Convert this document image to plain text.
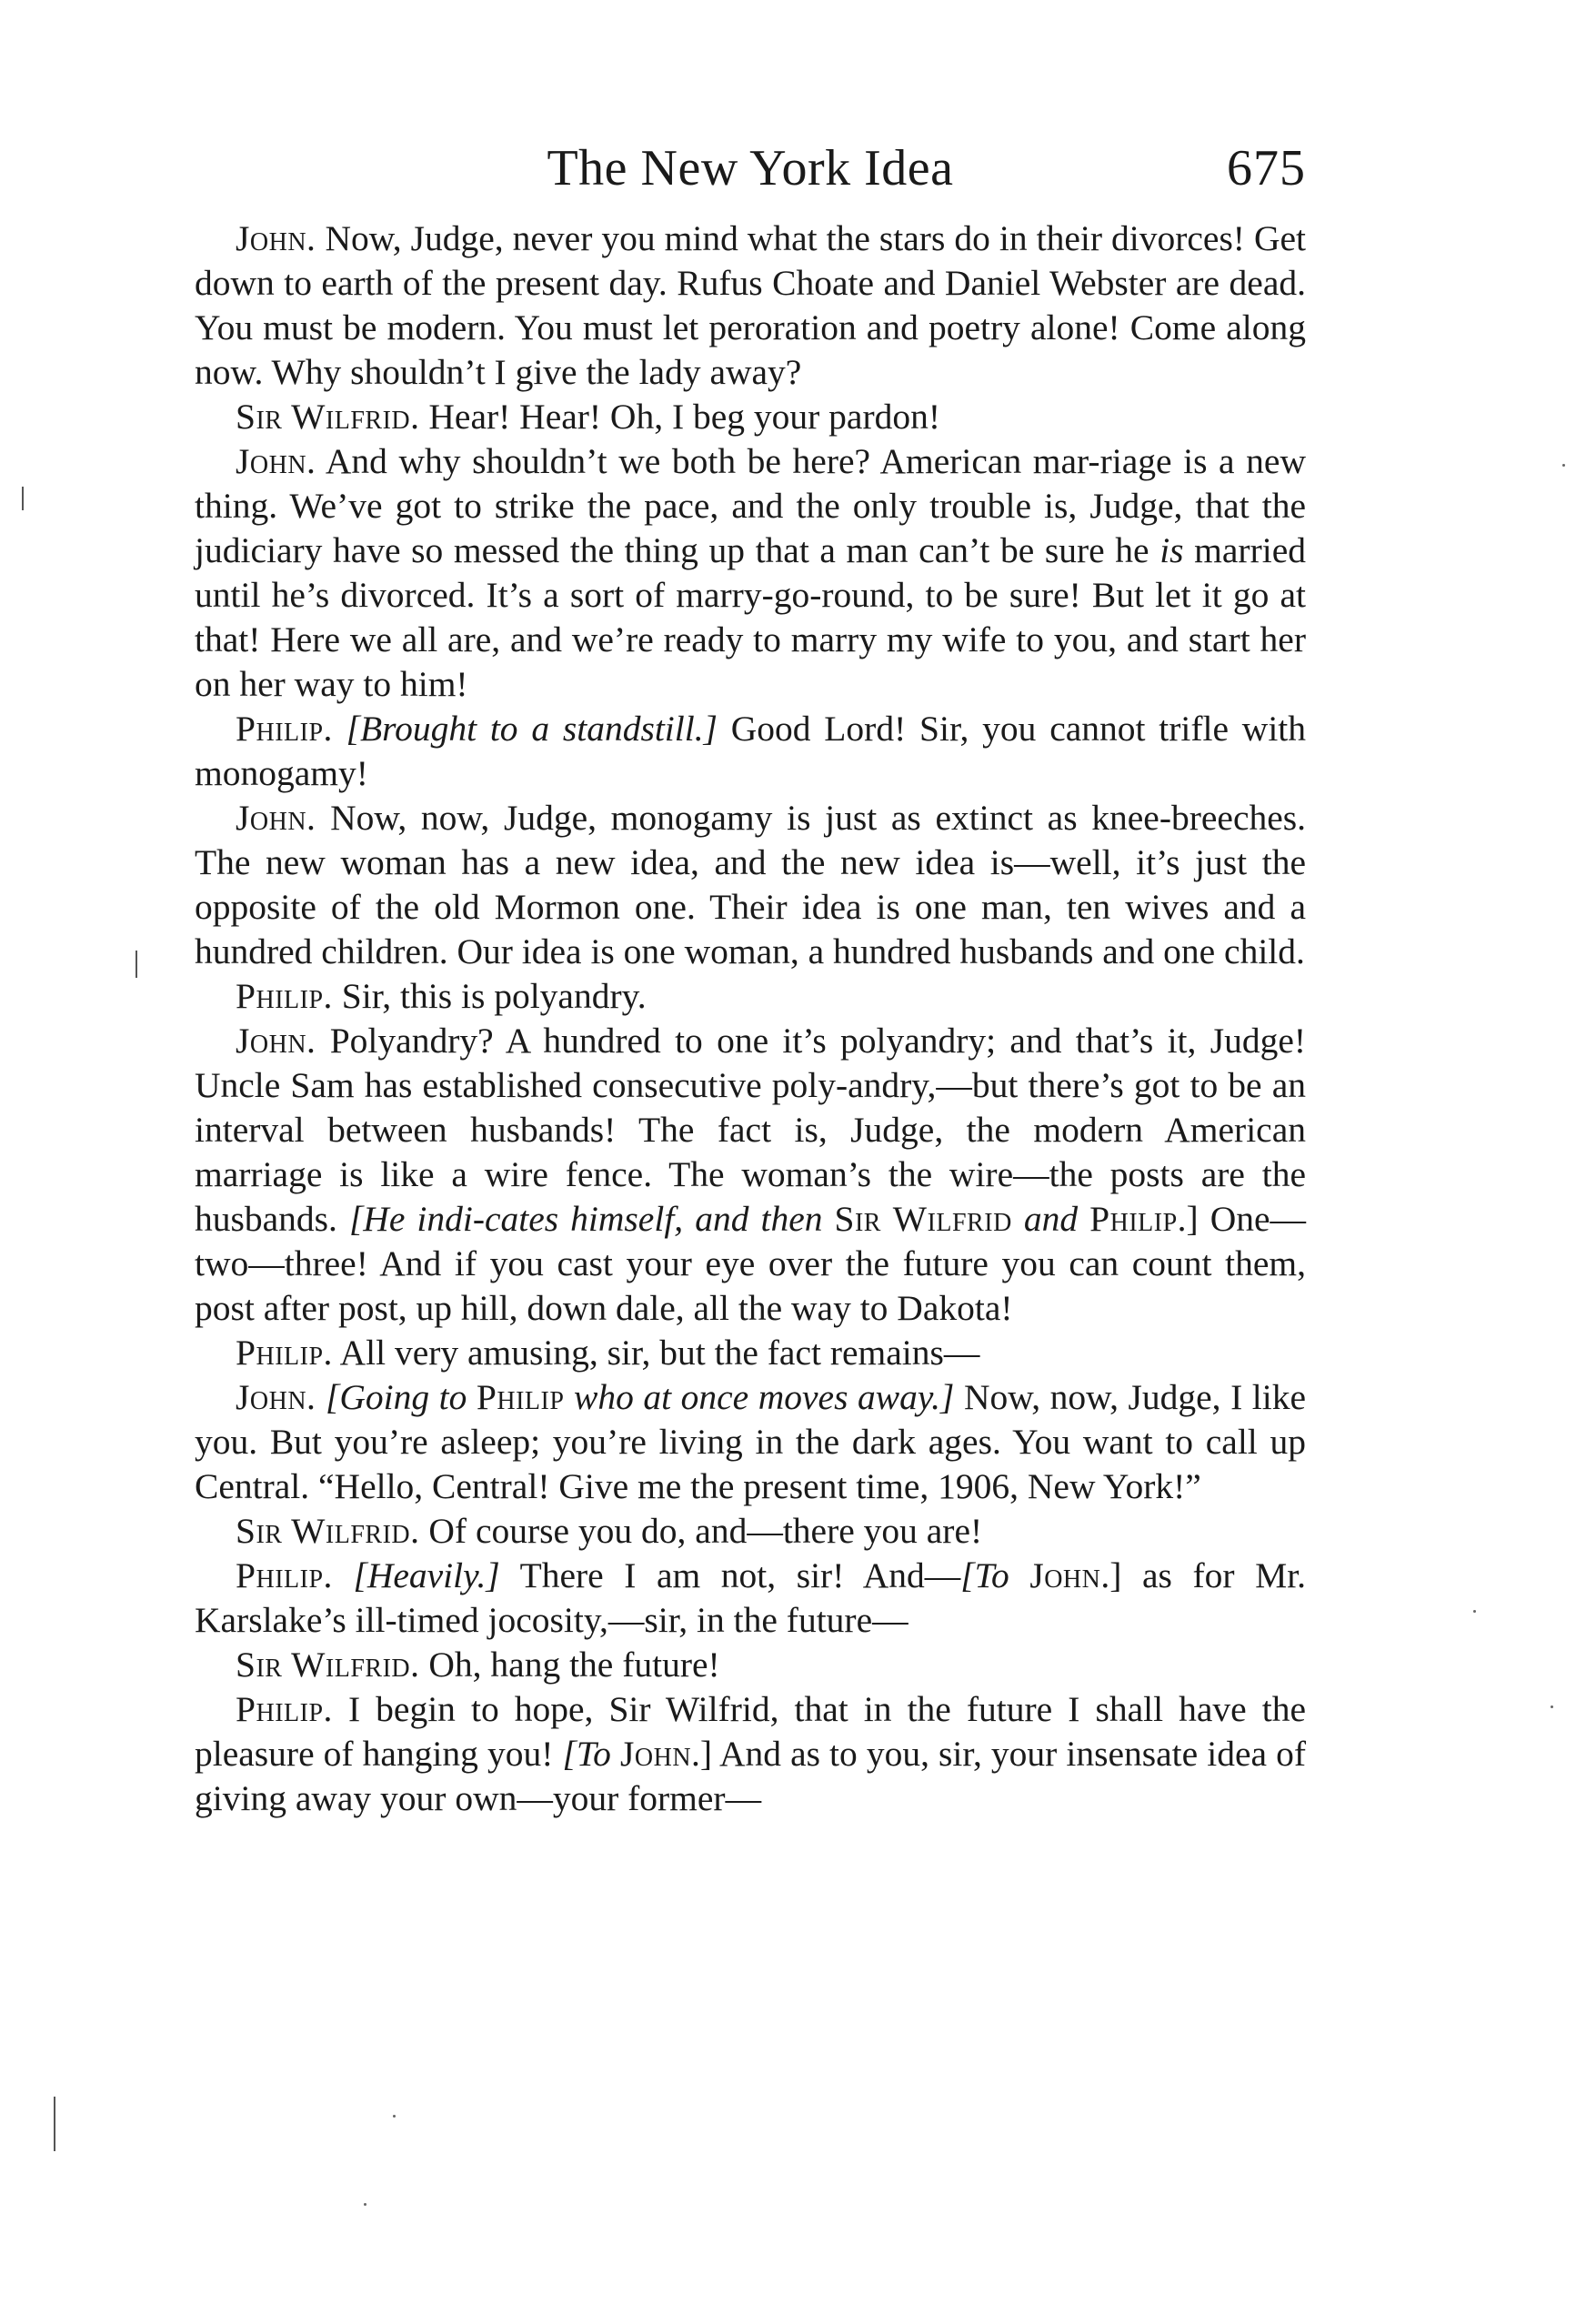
The New York Idea	675

John. Now, Judge, never you mind what the stars do in their divorces! Get down to earth of the present day. Rufus Choate and Daniel Webster are dead. You must be modern. You must let peroration and poetry alone! Come along now. Why shouldn’t I give the lady away?

Sir Wilfrid. Hear! Hear! Oh, I beg your pardon!

John. And why shouldn’t we both be here? American mar-riage is a new thing. We’ve got to strike the pace, and the only trouble is, Judge, that the judiciary have so messed the thing up that a man can’t be sure he is married until he’s divorced. It’s a sort of marry-go-round, to be sure! But let it go at that! Here we all are, and we’re ready to marry my wife to you, and start her on her way to him!

Philip. [Brought to a standstill.] Good Lord! Sir, you cannot trifle with monogamy!

John. Now, now, Judge, monogamy is just as extinct as knee-breeches. The new woman has a new idea, and the new idea is—well, it’s just the opposite of the old Mormon one. Their idea is one man, ten wives and a hundred children. Our idea is one woman, a hundred husbands and one child.

Philip. Sir, this is polyandry.

John. Polyandry? A hundred to one it’s polyandry; and that’s it, Judge! Uncle Sam has established consecutive poly-andry,—but there’s got to be an interval between husbands! The fact is, Judge, the modern American marriage is like a wire fence. The woman’s the wire—the posts are the husbands. [He indi-cates himself, and then Sir Wilfrid and Philip.] One—two—three! And if you cast your eye over the future you can count them, post after post, up hill, down dale, all the way to Dakota!

Philip. All very amusing, sir, but the fact remains—

John. [Going to Philip who at once moves away.] Now, now, Judge, I like you. But you’re asleep; you’re living in the dark ages. You want to call up Central. “Hello, Central! Give me the present time, 1906, New York!”

Sir Wilfrid. Of course you do, and—there you are!

Philip. [Heavily.] There I am not, sir! And—[To John.] as for Mr. Karslake’s ill-timed jocosity,—sir, in the future—

Sir Wilfrid. Oh, hang the future!

Philip. I begin to hope, Sir Wilfrid, that in the future I shall have the pleasure of hanging you! [To John.] And as to you, sir, your insensate idea of giving away your own—your former—
